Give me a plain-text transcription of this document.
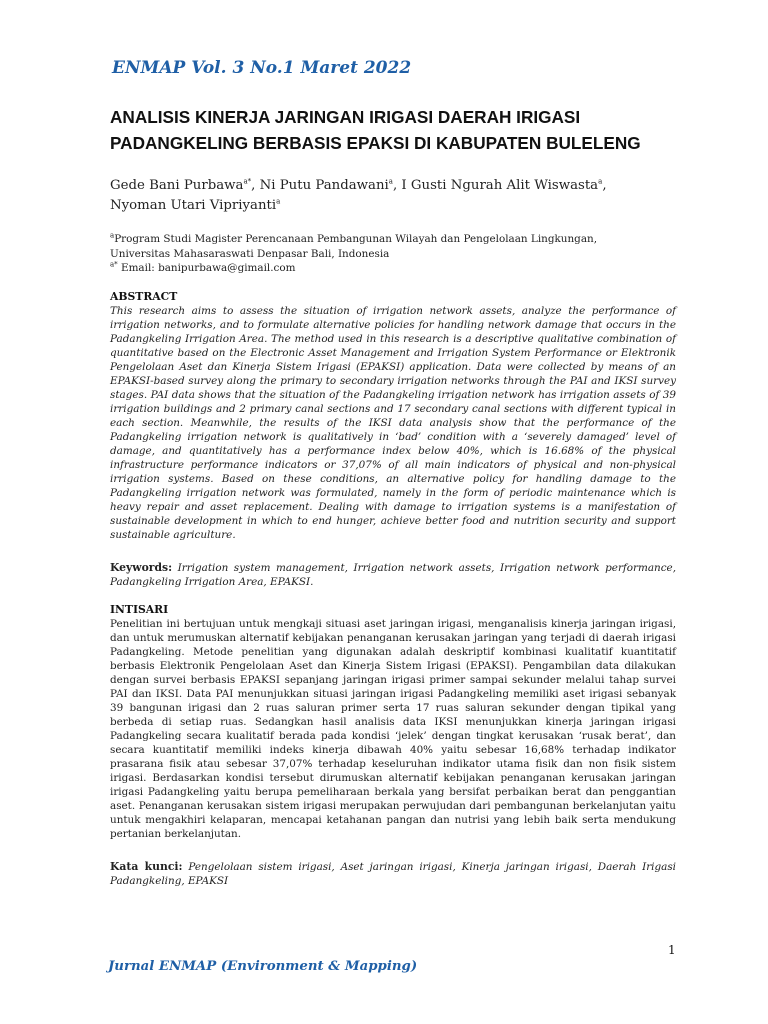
ENMAP Vol. 3 No.1 Maret 2022
ANALISIS KINERJA JARINGAN IRIGASI DAERAH IRIGASI
PADANGKELING BERBASIS EPAKSI DI KABUPATEN BULELENG
Gede Bani Purbawa$^{a*}$, Ni Putu Pandawani$^a$, I Gusti Ngurah Alit Wiswasta$^a$,
Nyoman Utari Vipriyanti$^a$
$^a$Program Studi Magister Perencanaan Pembangunan Wilayah dan Pengelolaan Lingkungan,
Universitas Mahasaraswati Denpasar Bali, Indonesia
$^{a*}$ Email: banipurbawa@gimail.com
ABSTRACT

This research aims to assess the situation of irrigation network assets, analyze the performance of irrigation networks, and to formulate alternative policies for handling network damage that occurs in the Padangkeling Irrigation Area. The method used in this research is a descriptive qualitative combination of quantitative based on the Electronic Asset Management and Irrigation System Performance or Elektronik Pengelolaan Aset dan Kinerja Sistem Irigasi (EPAKSI) application. Data were collected by means of an EPAKSI-based survey along the primary to secondary irrigation networks through the PAI and IKSI survey stages. PAI data shows that the situation of the Padangkeling irrigation network has irrigation assets of 39 irrigation buildings and 2 primary canal sections and 17 secondary canal sections with different typical in each section. Meanwhile, the results of the IKSI data analysis show that the performance of the Padangkeling irrigation network is qualitatively in ‘bad’ condition with a ‘severely damaged’ level of damage, and quantitatively has a performance index below 40%, which is 16.68% of the physical infrastructure performance indicators or 37,07% of all main indicators of physical and non-physical irrigation systems. Based on these conditions, an alternative policy for handling damage to the Padangkeling irrigation network was formulated, namely in the form of periodic maintenance which is heavy repair and asset replacement. Dealing with damage to irrigation systems is a manifestation of sustainable development in which to end hunger, achieve better food and nutrition security and support sustainable agriculture.

Keywords: Irrigation system management, Irrigation network assets, Irrigation network performance, Padangkeling Irrigation Area, EPAKSI.
INTISARI

Penelitian ini bertujuan untuk mengkaji situasi aset jaringan irigasi, menganalisis kinerja jaringan irigasi, dan untuk merumuskan alternatif kebijakan penanganan kerusakan jaringan yang terjadi di daerah irigasi Padangkeling. Metode penelitian yang digunakan adalah deskriptif kombinasi kualitatif kuantitatif berbasis Elektronik Pengelolaan Aset dan Kinerja Sistem Irigasi (EPAKSI). Pengambilan data dilakukan dengan survei berbasis EPAKSI sepanjang jaringan irigasi primer sampai sekunder melalui tahap survei PAI dan IKSI. Data PAI menunjukkan situasi jaringan irigasi Padangkeling memiliki aset irigasi sebanyak 39 bangunan irigasi dan 2 ruas saluran primer serta 17 ruas saluran sekunder dengan tipikal yang berbeda di setiap ruas. Sedangkan hasil analisis data IKSI menunjukkan kinerja jaringan irigasi Padangkeling secara kualitatif berada pada kondisi ‘jelek’ dengan tingkat kerusakan ‘rusak berat’, dan secara kuantitatif memiliki indeks kinerja dibawah 40% yaitu sebesar 16,68% terhadap indikator prasarana fisik atau sebesar 37,07% terhadap keseluruhan indikator utama fisik dan non fisik sistem irigasi. Berdasarkan kondisi tersebut dirumuskan alternatif kebijakan penanganan kerusakan jaringan irigasi Padangkeling yaitu berupa pemeliharaan berkala yang bersifat perbaikan berat dan penggantian aset. Penanganan kerusakan sistem irigasi merupakan perwujudan dari pembangunan berkelanjutan yaitu untuk mengakhiri kelaparan, mencapai ketahanan pangan dan nutrisi yang lebih baik serta mendukung pertanian berkelanjutan.

Kata kunci: Pengelolaan sistem irigasi, Aset jaringan irigasi, Kinerja jaringan irigasi, Daerah Irigasi Padangkeling, EPAKSI
1
Jurnal ENMAP (Environment & Mapping)
